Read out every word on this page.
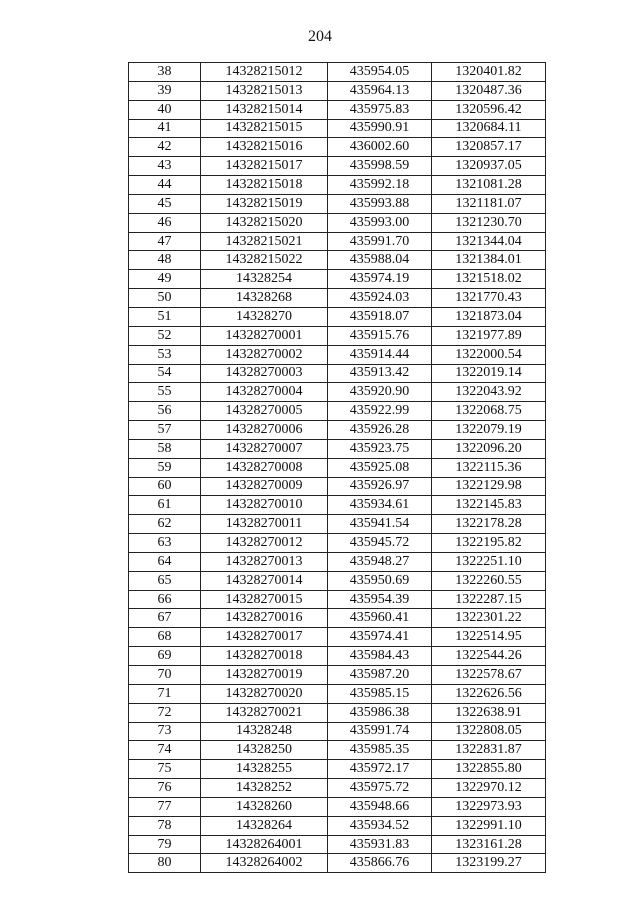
204
38	14328215012	435954.05	1320401.82
39	14328215013	435964.13	1320487.36
40	14328215014	435975.83	1320596.42
41	14328215015	435990.91	1320684.11
42	14328215016	436002.60	1320857.17
43	14328215017	435998.59	1320937.05
44	14328215018	435992.18	1321081.28
45	14328215019	435993.88	1321181.07
46	14328215020	435993.00	1321230.70
47	14328215021	435991.70	1321344.04
48	14328215022	435988.04	1321384.01
49	14328254	435974.19	1321518.02
50	14328268	435924.03	1321770.43
51	14328270	435918.07	1321873.04
52	14328270001	435915.76	1321977.89
53	14328270002	435914.44	1322000.54
54	14328270003	435913.42	1322019.14
55	14328270004	435920.90	1322043.92
56	14328270005	435922.99	1322068.75
57	14328270006	435926.28	1322079.19
58	14328270007	435923.75	1322096.20
59	14328270008	435925.08	1322115.36
60	14328270009	435926.97	1322129.98
61	14328270010	435934.61	1322145.83
62	14328270011	435941.54	1322178.28
63	14328270012	435945.72	1322195.82
64	14328270013	435948.27	1322251.10
65	14328270014	435950.69	1322260.55
66	14328270015	435954.39	1322287.15
67	14328270016	435960.41	1322301.22
68	14328270017	435974.41	1322514.95
69	14328270018	435984.43	1322544.26
70	14328270019	435987.20	1322578.67
71	14328270020	435985.15	1322626.56
72	14328270021	435986.38	1322638.91
73	14328248	435991.74	1322808.05
74	14328250	435985.35	1322831.87
75	14328255	435972.17	1322855.80
76	14328252	435975.72	1322970.12
77	14328260	435948.66	1322973.93
78	14328264	435934.52	1322991.10
79	14328264001	435931.83	1323161.28
80	14328264002	435866.76	1323199.27
